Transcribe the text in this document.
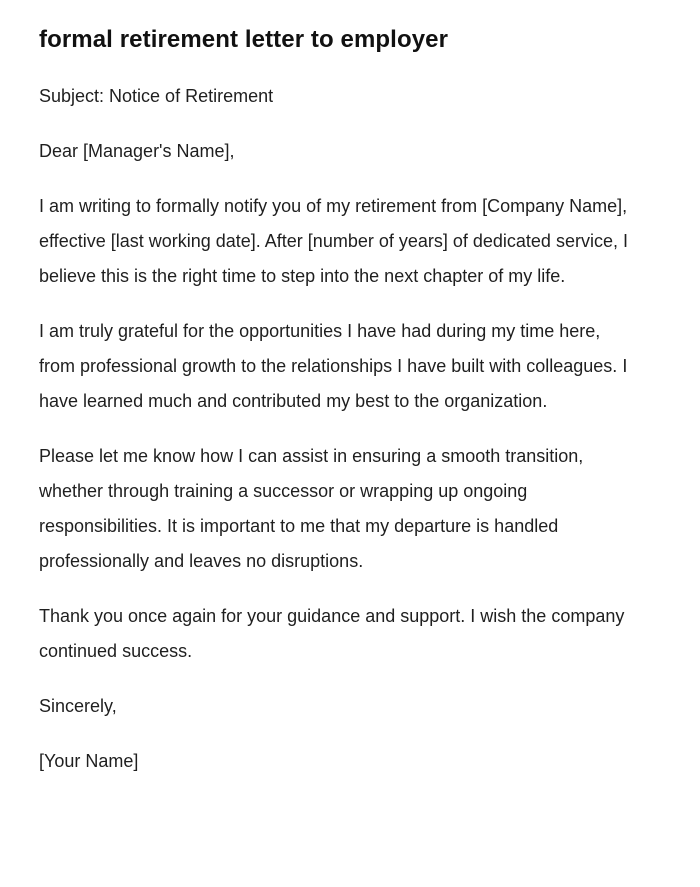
formal retirement letter to employer

Subject: Notice of Retirement

Dear [Manager's Name],

I am writing to formally notify you of my retirement from [Company Name], effective [last working date]. After [number of years] of dedicated service, I believe this is the right time to step into the next chapter of my life.

I am truly grateful for the opportunities I have had during my time here, from professional growth to the relationships I have built with colleagues. I have learned much and contributed my best to the organization.

Please let me know how I can assist in ensuring a smooth transition, whether through training a successor or wrapping up ongoing responsibilities. It is important to me that my departure is handled professionally and leaves no disruptions.

Thank you once again for your guidance and support. I wish the company continued success.

Sincerely,

[Your Name]
